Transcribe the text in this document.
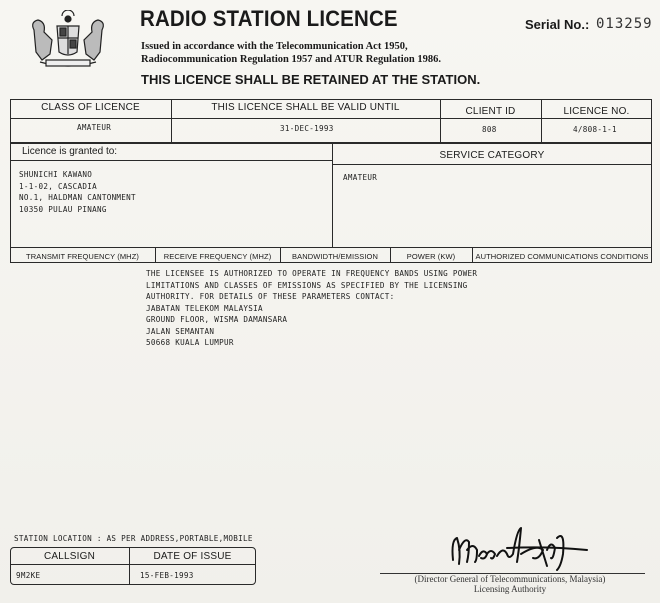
RADIO STATION LICENCE
Issued in accordance with the Telecommunication Act 1950, Radiocommunication Regulation 1957 and ATUR Regulation 1986.
THIS LICENCE SHALL BE RETAINED AT THE STATION.
Serial No.: 013259
CLASS OF LICENCE	THIS LICENCE SHALL BE VALID UNTIL	CLIENT ID	LICENCE NO.
AMATEUR	31-DEC-1993	808	4/808-1-1
Licence is granted to:	SERVICE CATEGORY
SHUNICHI KAWANO
1-1-02, CASCADIA
NO.1, HALDMAN CANTONMENT
10350 PULAU PINANG
AMATEUR
TRANSMIT FREQUENCY (MHZ)	RECEIVE FREQUENCY (MHZ)	BANDWIDTH/EMISSION	POWER (KW)	AUTHORIZED COMMUNICATIONS CONDITIONS
THE LICENSEE IS AUTHORIZED TO OPERATE IN FREQUENCY BANDS USING POWER
LIMITATIONS AND CLASSES OF EMISSIONS AS SPECIFIED BY THE LICENSING
AUTHORITY. FOR DETAILS OF THESE PARAMETERS CONTACT:
JABATAN TELEKOM MALAYSIA
GROUND FLOOR, WISMA DAMANSARA
JALAN SEMANTAN
50668 KUALA LUMPUR
STATION LOCATION : AS PER ADDRESS,PORTABLE,MOBILE
CALLSIGN	DATE OF ISSUE
9M2KE	15-FEB-1993	(Director General of Telecommunications, Malaysia)
Licensing Authority
